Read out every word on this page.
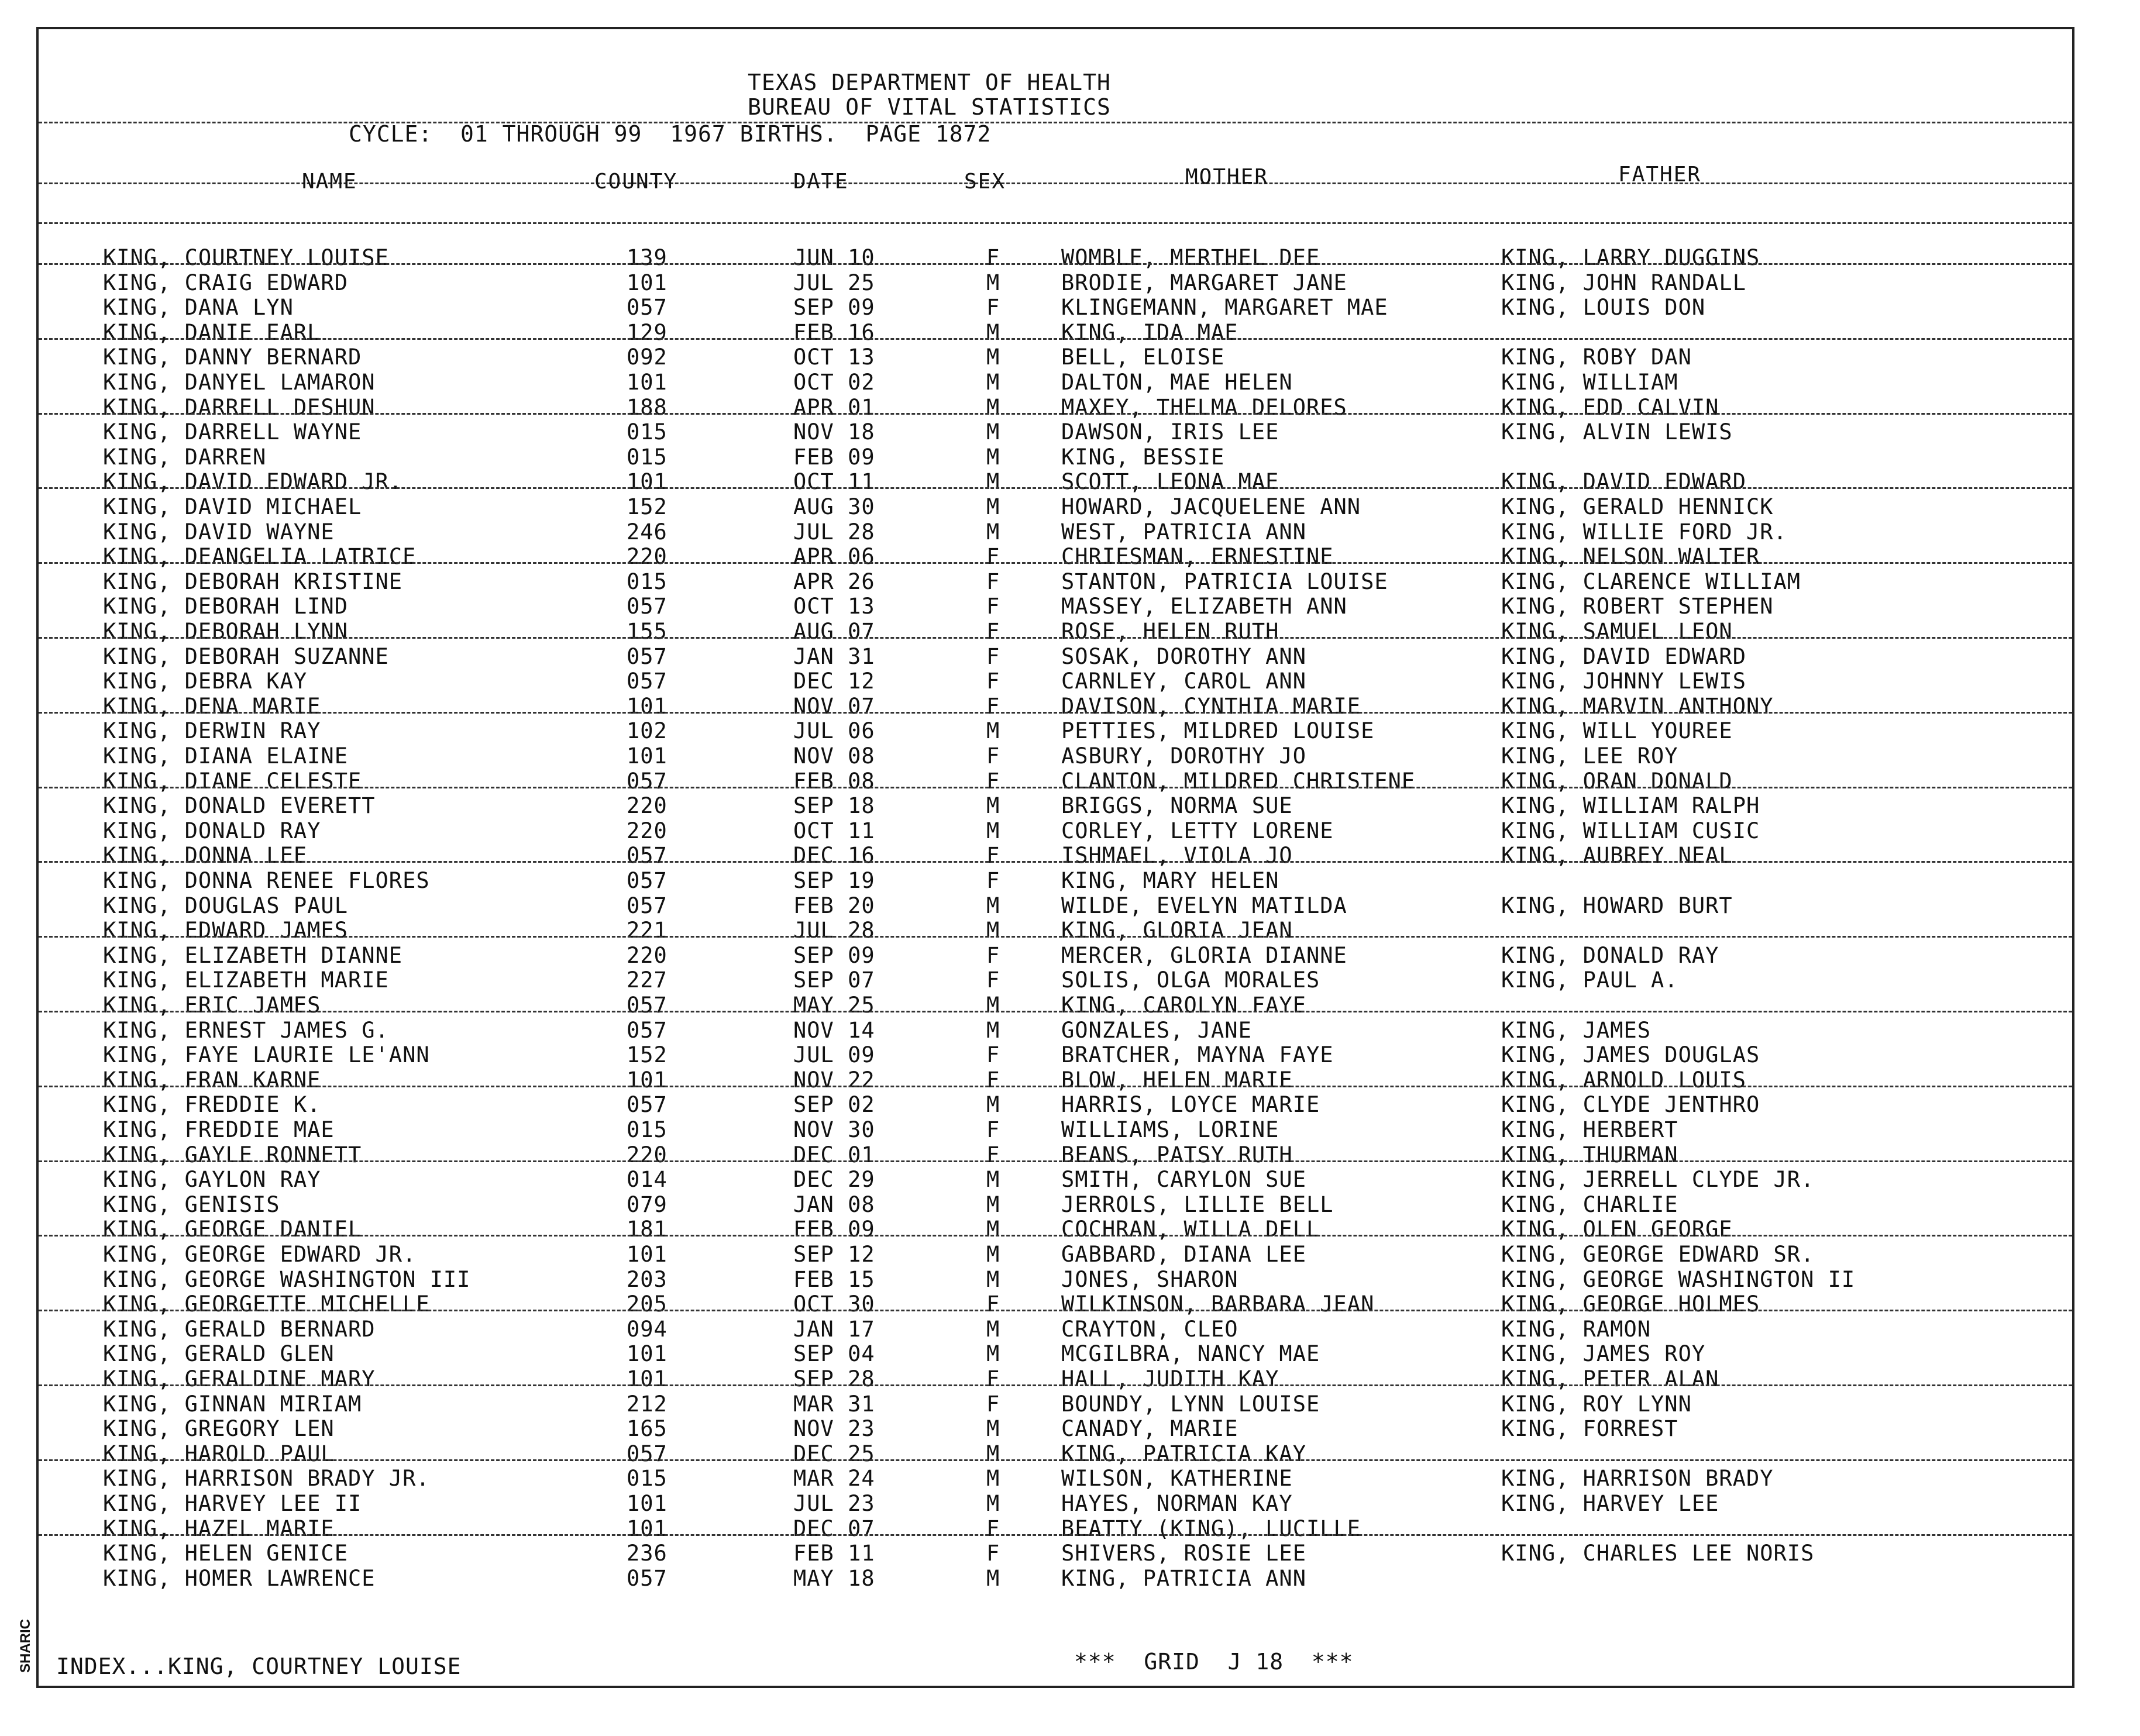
TEXAS DEPARTMENT OF HEALTH
BUREAU OF VITAL STATISTICS
CYCLE:  01 THROUGH 99  1967 BIRTHS.  PAGE 1872
NAME	COUNTY	DATE	SEX	MOTHER	FATHER
KING, COURTNEY LOUISE	139	JUN 10	F	WOMBLE, MERTHEL DEE	KING, LARRY DUGGINS
KING, CRAIG EDWARD	101	JUL 25	M	BRODIE, MARGARET JANE	KING, JOHN RANDALL
KING, DANA LYN	057	SEP 09	F	KLINGEMANN, MARGARET MAE	KING, LOUIS DON
KING, DANIE EARL	129	FEB 16	M	KING, IDA MAE
KING, DANNY BERNARD	092	OCT 13	M	BELL, ELOISE	KING, ROBY DAN
KING, DANYEL LAMARON	101	OCT 02	M	DALTON, MAE HELEN	KING, WILLIAM
KING, DARRELL DESHUN	188	APR 01	M	MAXEY, THELMA DELORES	KING, EDD CALVIN
KING, DARRELL WAYNE	015	NOV 18	M	DAWSON, IRIS LEE	KING, ALVIN LEWIS
KING, DARREN	015	FEB 09	M	KING, BESSIE
KING, DAVID EDWARD JR.	101	OCT 11	M	SCOTT, LEONA MAE	KING, DAVID EDWARD
KING, DAVID MICHAEL	152	AUG 30	M	HOWARD, JACQUELENE ANN	KING, GERALD HENNICK
KING, DAVID WAYNE	246	JUL 28	M	WEST, PATRICIA ANN	KING, WILLIE FORD JR.
KING, DEANGELIA LATRICE	220	APR 06	F	CHRIESMAN, ERNESTINE	KING, NELSON WALTER
KING, DEBORAH KRISTINE	015	APR 26	F	STANTON, PATRICIA LOUISE	KING, CLARENCE WILLIAM
KING, DEBORAH LIND	057	OCT 13	F	MASSEY, ELIZABETH ANN	KING, ROBERT STEPHEN
KING, DEBORAH LYNN	155	AUG 07	F	ROSE, HELEN RUTH	KING, SAMUEL LEON
KING, DEBORAH SUZANNE	057	JAN 31	F	SOSAK, DOROTHY ANN	KING, DAVID EDWARD
KING, DEBRA KAY	057	DEC 12	F	CARNLEY, CAROL ANN	KING, JOHNNY LEWIS
KING, DENA MARIE	101	NOV 07	F	DAVISON, CYNTHIA MARIE	KING, MARVIN ANTHONY
KING, DERWIN RAY	102	JUL 06	M	PETTIES, MILDRED LOUISE	KING, WILL YOUREE
KING, DIANA ELAINE	101	NOV 08	F	ASBURY, DOROTHY JO	KING, LEE ROY
KING, DIANE CELESTE	057	FEB 08	F	CLANTON, MILDRED CHRISTENE	KING, ORAN DONALD
KING, DONALD EVERETT	220	SEP 18	M	BRIGGS, NORMA SUE	KING, WILLIAM RALPH
KING, DONALD RAY	220	OCT 11	M	CORLEY, LETTY LORENE	KING, WILLIAM CUSIC
KING, DONNA LEE	057	DEC 16	F	ISHMAEL, VIOLA JO	KING, AUBREY NEAL
KING, DONNA RENEE FLORES	057	SEP 19	F	KING, MARY HELEN
KING, DOUGLAS PAUL	057	FEB 20	M	WILDE, EVELYN MATILDA	KING, HOWARD BURT
KING, EDWARD JAMES	221	JUL 28	M	KING, GLORIA JEAN
KING, ELIZABETH DIANNE	220	SEP 09	F	MERCER, GLORIA DIANNE	KING, DONALD RAY
KING, ELIZABETH MARIE	227	SEP 07	F	SOLIS, OLGA MORALES	KING, PAUL A.
KING, ERIC JAMES	057	MAY 25	M	KING, CAROLYN FAYE
KING, ERNEST JAMES G.	057	NOV 14	M	GONZALES, JANE	KING, JAMES
KING, FAYE LAURIE LE'ANN	152	JUL 09	F	BRATCHER, MAYNA FAYE	KING, JAMES DOUGLAS
KING, FRAN KARNE	101	NOV 22	F	BLOW, HELEN MARIE	KING, ARNOLD LOUIS
KING, FREDDIE K.	057	SEP 02	M	HARRIS, LOYCE MARIE	KING, CLYDE JENTHRO
KING, FREDDIE MAE	015	NOV 30	F	WILLIAMS, LORINE	KING, HERBERT
KING, GAYLE RONNETT	220	DEC 01	F	BEANS, PATSY RUTH	KING, THURMAN
KING, GAYLON RAY	014	DEC 29	M	SMITH, CARYLON SUE	KING, JERRELL CLYDE JR.
KING, GENISIS	079	JAN 08	M	JERROLS, LILLIE BELL	KING, CHARLIE
KING, GEORGE DANIEL	181	FEB 09	M	COCHRAN, WILLA DELL	KING, OLEN GEORGE
KING, GEORGE EDWARD JR.	101	SEP 12	M	GABBARD, DIANA LEE	KING, GEORGE EDWARD SR.
KING, GEORGE WASHINGTON III	203	FEB 15	M	JONES, SHARON	KING, GEORGE WASHINGTON II
KING, GEORGETTE MICHELLE	205	OCT 30	F	WILKINSON, BARBARA JEAN	KING, GEORGE HOLMES
KING, GERALD BERNARD	094	JAN 17	M	CRAYTON, CLEO	KING, RAMON
KING, GERALD GLEN	101	SEP 04	M	MCGILBRA, NANCY MAE	KING, JAMES ROY
KING, GERALDINE MARY	101	SEP 28	F	HALL, JUDITH KAY	KING, PETER ALAN
KING, GINNAN MIRIAM	212	MAR 31	F	BOUNDY, LYNN LOUISE	KING, ROY LYNN
KING, GREGORY LEN	165	NOV 23	M	CANADY, MARIE	KING, FORREST
KING, HAROLD PAUL	057	DEC 25	M	KING, PATRICIA KAY
KING, HARRISON BRADY JR.	015	MAR 24	M	WILSON, KATHERINE	KING, HARRISON BRADY
KING, HARVEY LEE II	101	JUL 23	M	HAYES, NORMAN KAY	KING, HARVEY LEE
KING, HAZEL MARIE	101	DEC 07	F	BEATTY (KING), LUCILLE
KING, HELEN GENICE	236	FEB 11	F	SHIVERS, ROSIE LEE	KING, CHARLES LEE NORIS
KING, HOMER LAWRENCE	057	MAY 18	M	KING, PATRICIA ANN
INDEX...KING, COURTNEY LOUISE	***  GRID  J 18  ***
SHARIC
